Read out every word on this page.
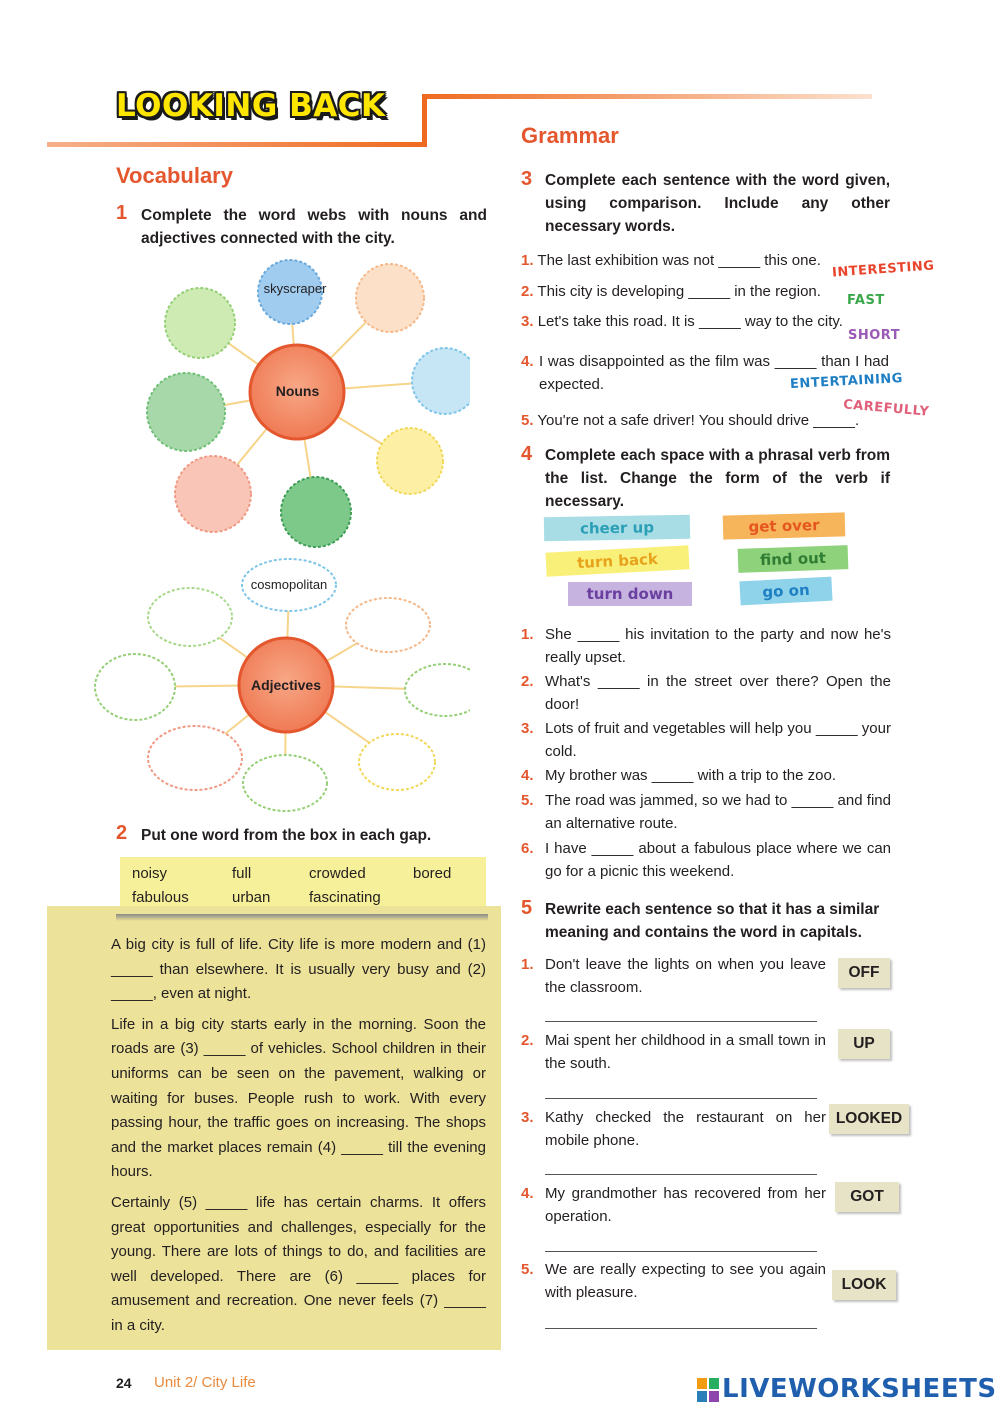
LOOKING BACK
Vocabulary
1 Complete the word webs with nouns and adjectives connected with the city.
skyscraper
Nouns
cosmopolitan
Adjectives
2 Put one word from the box in each gap.
noisy	full	crowded	bored
fabulous	urban	fascinating
A big city is full of life. City life is more modern and (1) _____ than elsewhere. It is usually very busy and (2) _____, even at night.
Life in a big city starts early in the morning. Soon the roads are (3) _____ of vehicles. School children in their uniforms can be seen on the pavement, walking or waiting for buses. People rush to work. With every passing hour, the traffic goes on increasing. The shops and the market places remain (4) _____ till the evening hours.
Certainly (5) _____ life has certain charms. It offers great opportunities and challenges, especially for the young. There are lots of things to do, and facilities are well developed. There are (6) _____ places for amusement and recreation. One never feels (7) _____ in a city.
Grammar
3 Complete each sentence with the word given, using comparison. Include any other necessary words.
1. The last exhibition was not _____ this one. INTERESTING
2. This city is developing _____ in the region.
FAST
3. Let's take this road. It is _____ way to the city.
SHORT
4. I was disappointed as the film was _____ than I had expected.	ENTERTAINING
5. You're not a safe driver! You should drive _____.
CAREFULLY
4 Complete each space with a phrasal verb from the list. Change the form of the verb if necessary.
cheer up	get over
turn back	find out
turn down	go on
1. She _____ his invitation to the party and now he's really upset.
2. What's _____ in the street over there? Open the door!
3. Lots of fruit and vegetables will help you _____ your cold.
4. My brother was _____ with a trip to the zoo.
5. The road was jammed, so we had to _____ and find an alternative route.
6. I have _____ about a fabulous place where we can go for a picnic this weekend.
5 Rewrite each sentence so that it has a similar meaning and contains the word in capitals.
1. Don't leave the lights on when you leave the classroom.
OFF
2. Mai spent her childhood in a small town in the south.
UP
3. Kathy checked the restaurant on her mobile phone.
LOOKED
4. My grandmother has recovered from her operation.
GOT
5. We are really expecting to see you again with pleasure.	LOOK
24 Unit 2/ City Life	LIVEWORKSHEETS
